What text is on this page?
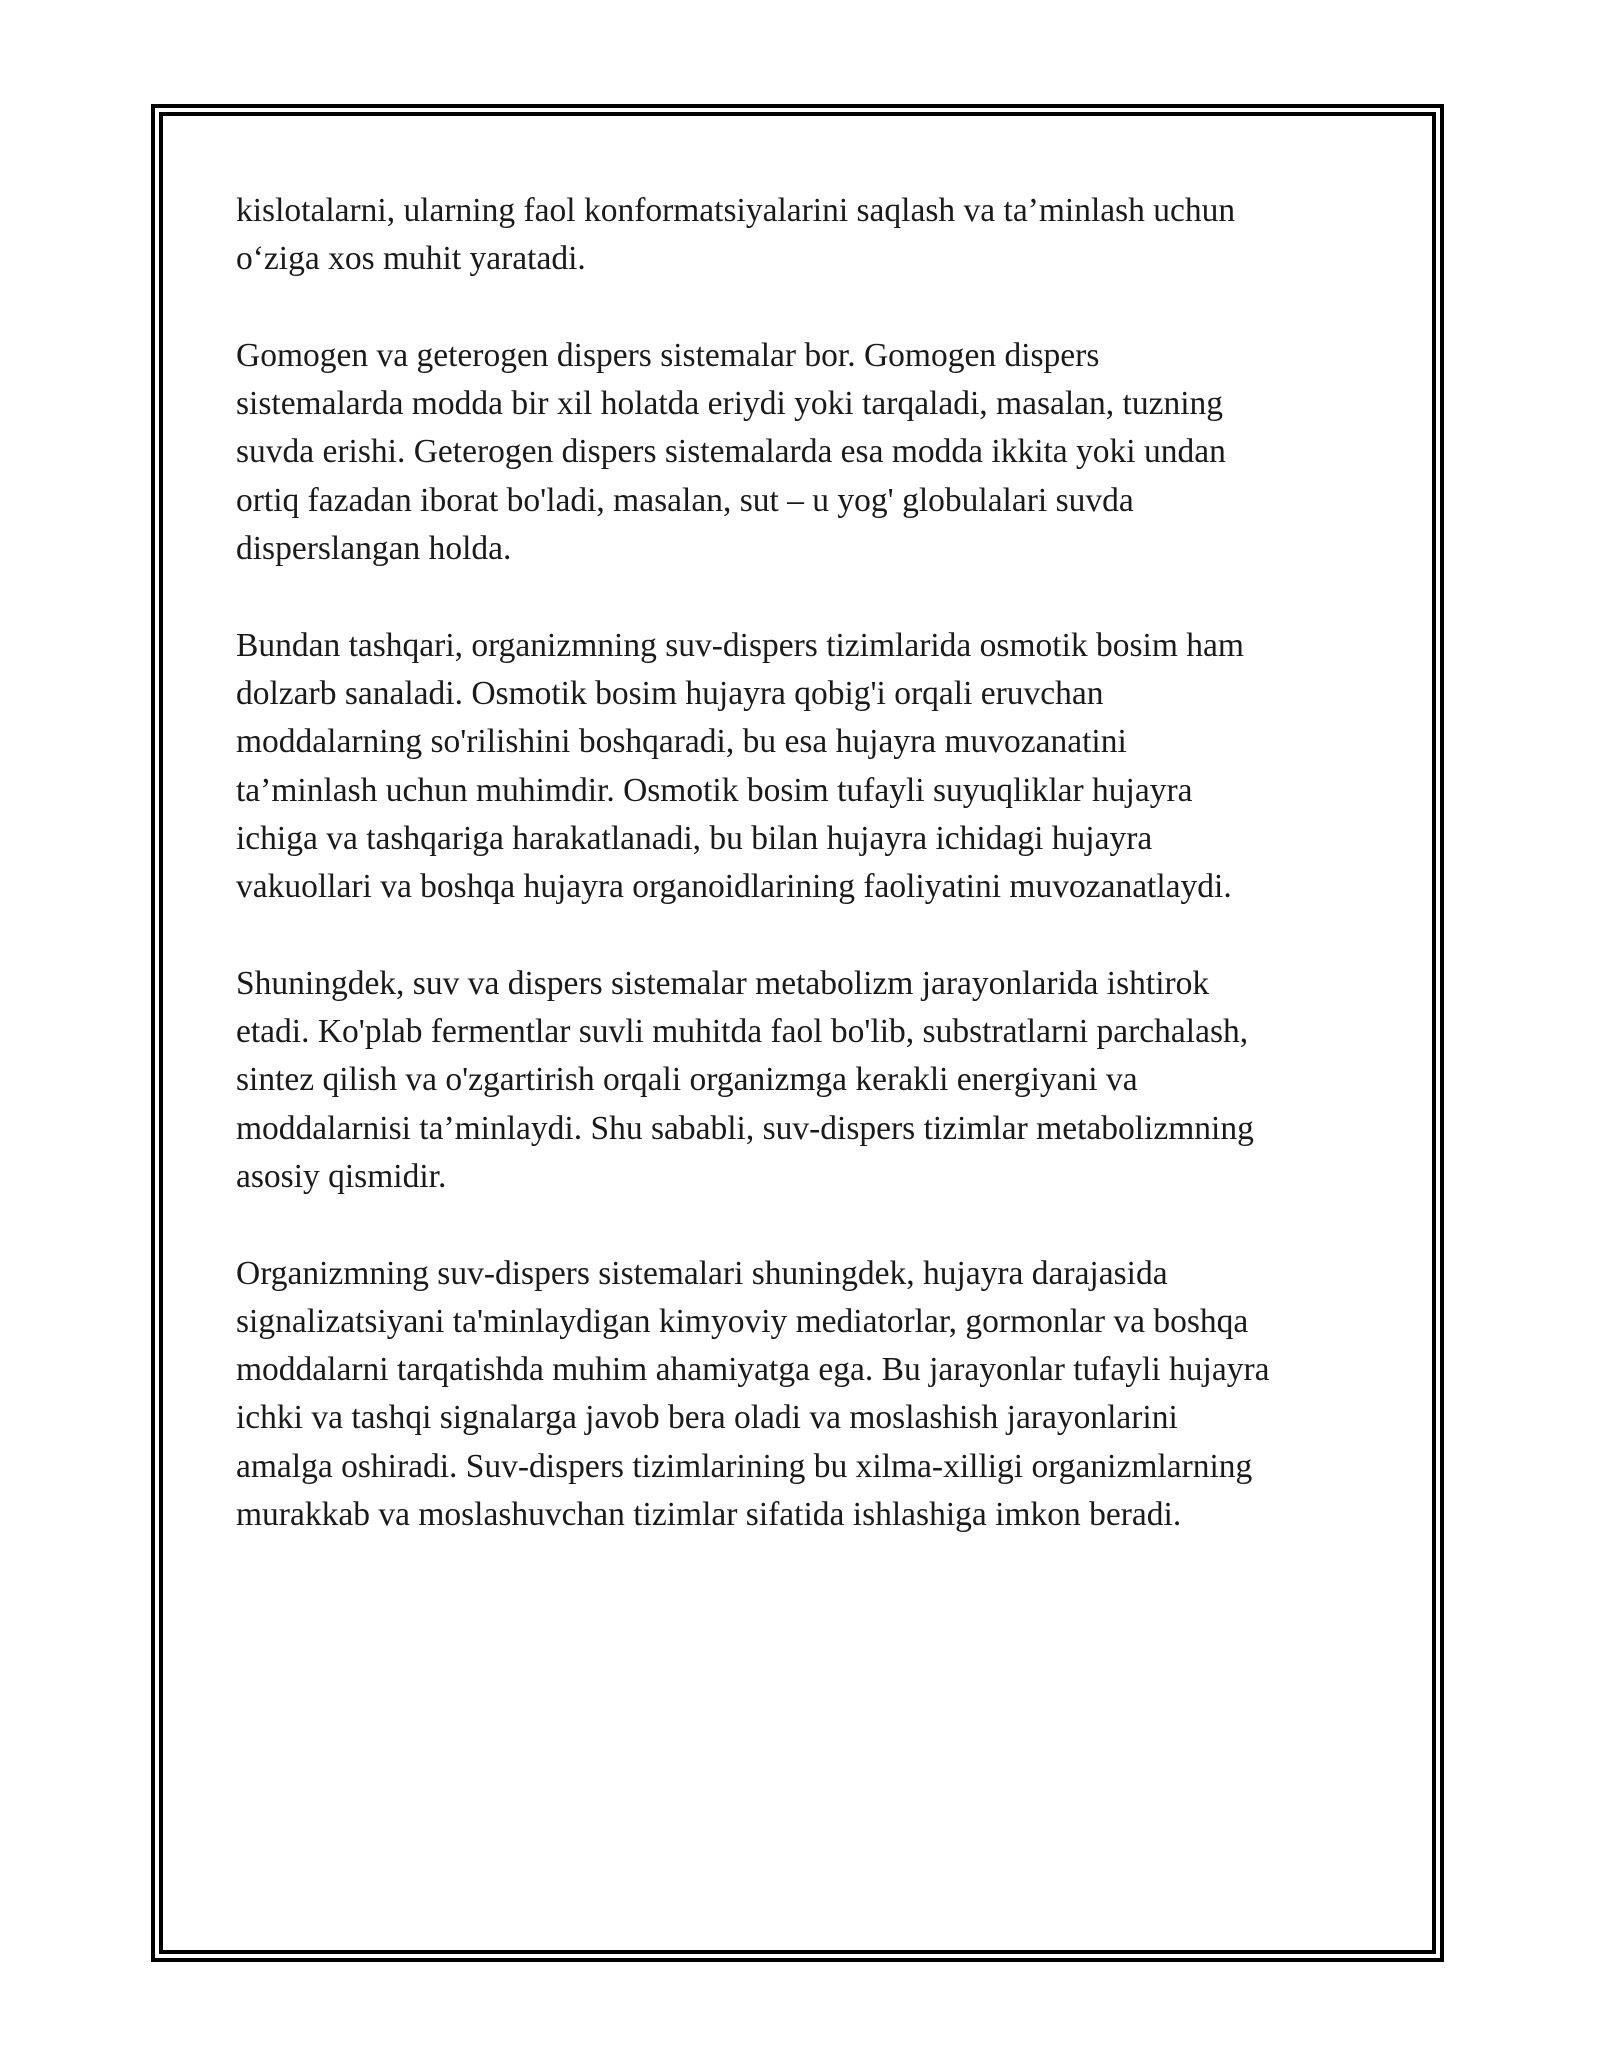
kislotalarni, ularning faol konformatsiyalarini saqlash va ta’minlash uchun
o‘ziga xos muhit yaratadi.

Gomogen va geterogen dispers sistemalar bor. Gomogen dispers
sistemalarda modda bir xil holatda eriydi yoki tarqaladi, masalan, tuzning
suvda erishi. Geterogen dispers sistemalarda esa modda ikkita yoki undan
ortiq fazadan iborat bo'ladi, masalan, sut – u yog' globulalari suvda
disperslangan holda.

Bundan tashqari, organizmning suv-dispers tizimlarida osmotik bosim ham
dolzarb sanaladi. Osmotik bosim hujayra qobig'i orqali eruvchan
moddalarning so'rilishini boshqaradi, bu esa hujayra muvozanatini
ta’minlash uchun muhimdir. Osmotik bosim tufayli suyuqliklar hujayra
ichiga va tashqariga harakatlanadi, bu bilan hujayra ichidagi hujayra
vakuollari va boshqa hujayra organoidlarining faoliyatini muvozanatlaydi.

Shuningdek, suv va dispers sistemalar metabolizm jarayonlarida ishtirok
etadi. Ko'plab fermentlar suvli muhitda faol bo'lib, substratlarni parchalash,
sintez qilish va o'zgartirish orqali organizmga kerakli energiyani va
moddalarnisi ta’minlaydi. Shu sababli, suv-dispers tizimlar metabolizmning
asosiy qismidir.

Organizmning suv-dispers sistemalari shuningdek, hujayra darajasida
signalizatsiyani ta'minlaydigan kimyoviy mediatorlar, gormonlar va boshqa
moddalarni tarqatishda muhim ahamiyatga ega. Bu jarayonlar tufayli hujayra
ichki va tashqi signalarga javob bera oladi va moslashish jarayonlarini
amalga oshiradi. Suv-dispers tizimlarining bu xilma-xilligi organizmlarning
murakkab va moslashuvchan tizimlar sifatida ishlashiga imkon beradi.
